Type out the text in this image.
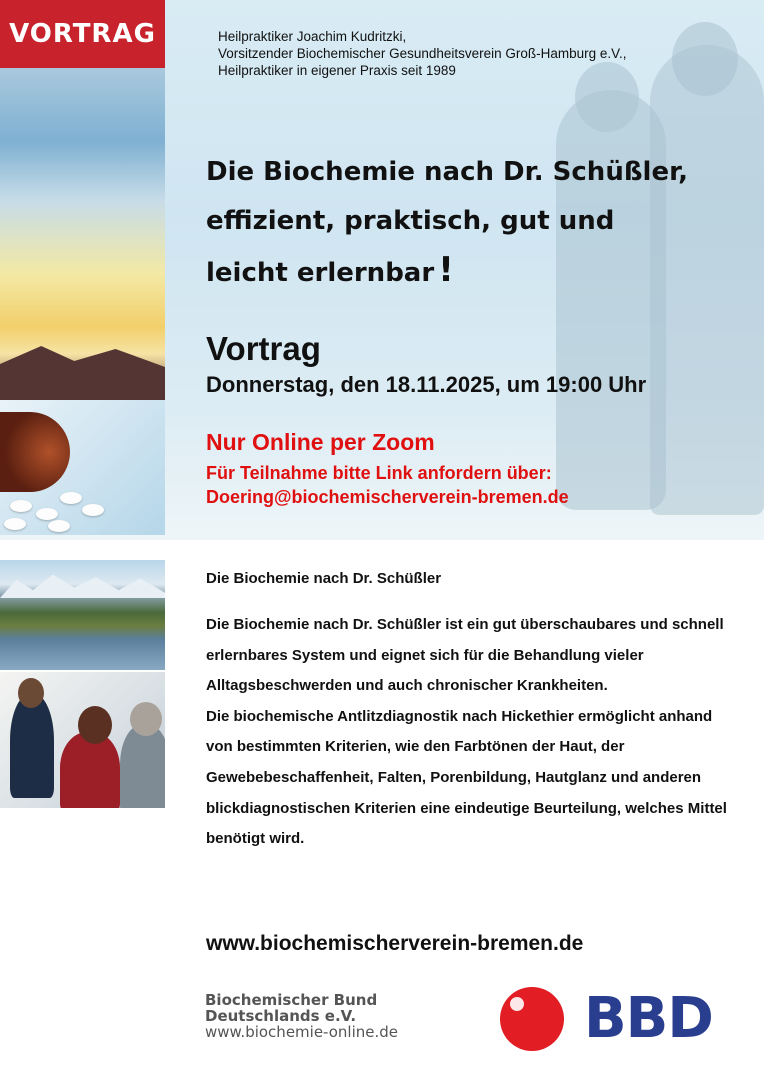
VORTRAG	Heilpraktiker Joachim Kudritzki,
Vorsitzender Biochemischer Gesundheitsverein Groß-Hamburg e.V.,
Heilpraktiker in eigener Praxis seit 1989
Die Biochemie nach Dr. Schüßler,
effizient, praktisch, gut und
leicht erlernbar !
Vortrag
Donnerstag, den 18.11.2025, um 19:00 Uhr
Nur Online per Zoom
Für Teilnahme bitte Link anfordern über:
Doering@biochemischerverein-bremen.de
Die Biochemie nach Dr. Schüßler
Die Biochemie nach Dr. Schüßler ist ein gut überschaubares und schnell erlernbares System und eignet sich für die Behandlung vieler Alltagsbeschwerden und auch chronischer Krankheiten.
Die biochemische Antlitzdiagnostik nach Hickethier ermöglicht anhand von bestimmten Kriterien, wie den Farbtönen der Haut, der Gewebebeschaffenheit, Falten, Porenbildung, Hautglanz und anderen blickdiagnostischen Kriterien eine eindeutige Beurteilung, welches Mittel benötigt wird.
www.biochemischerverein-bremen.de
Biochemischer Bund
Deutschlands e.V.
www.biochemie-online.de	BBD
